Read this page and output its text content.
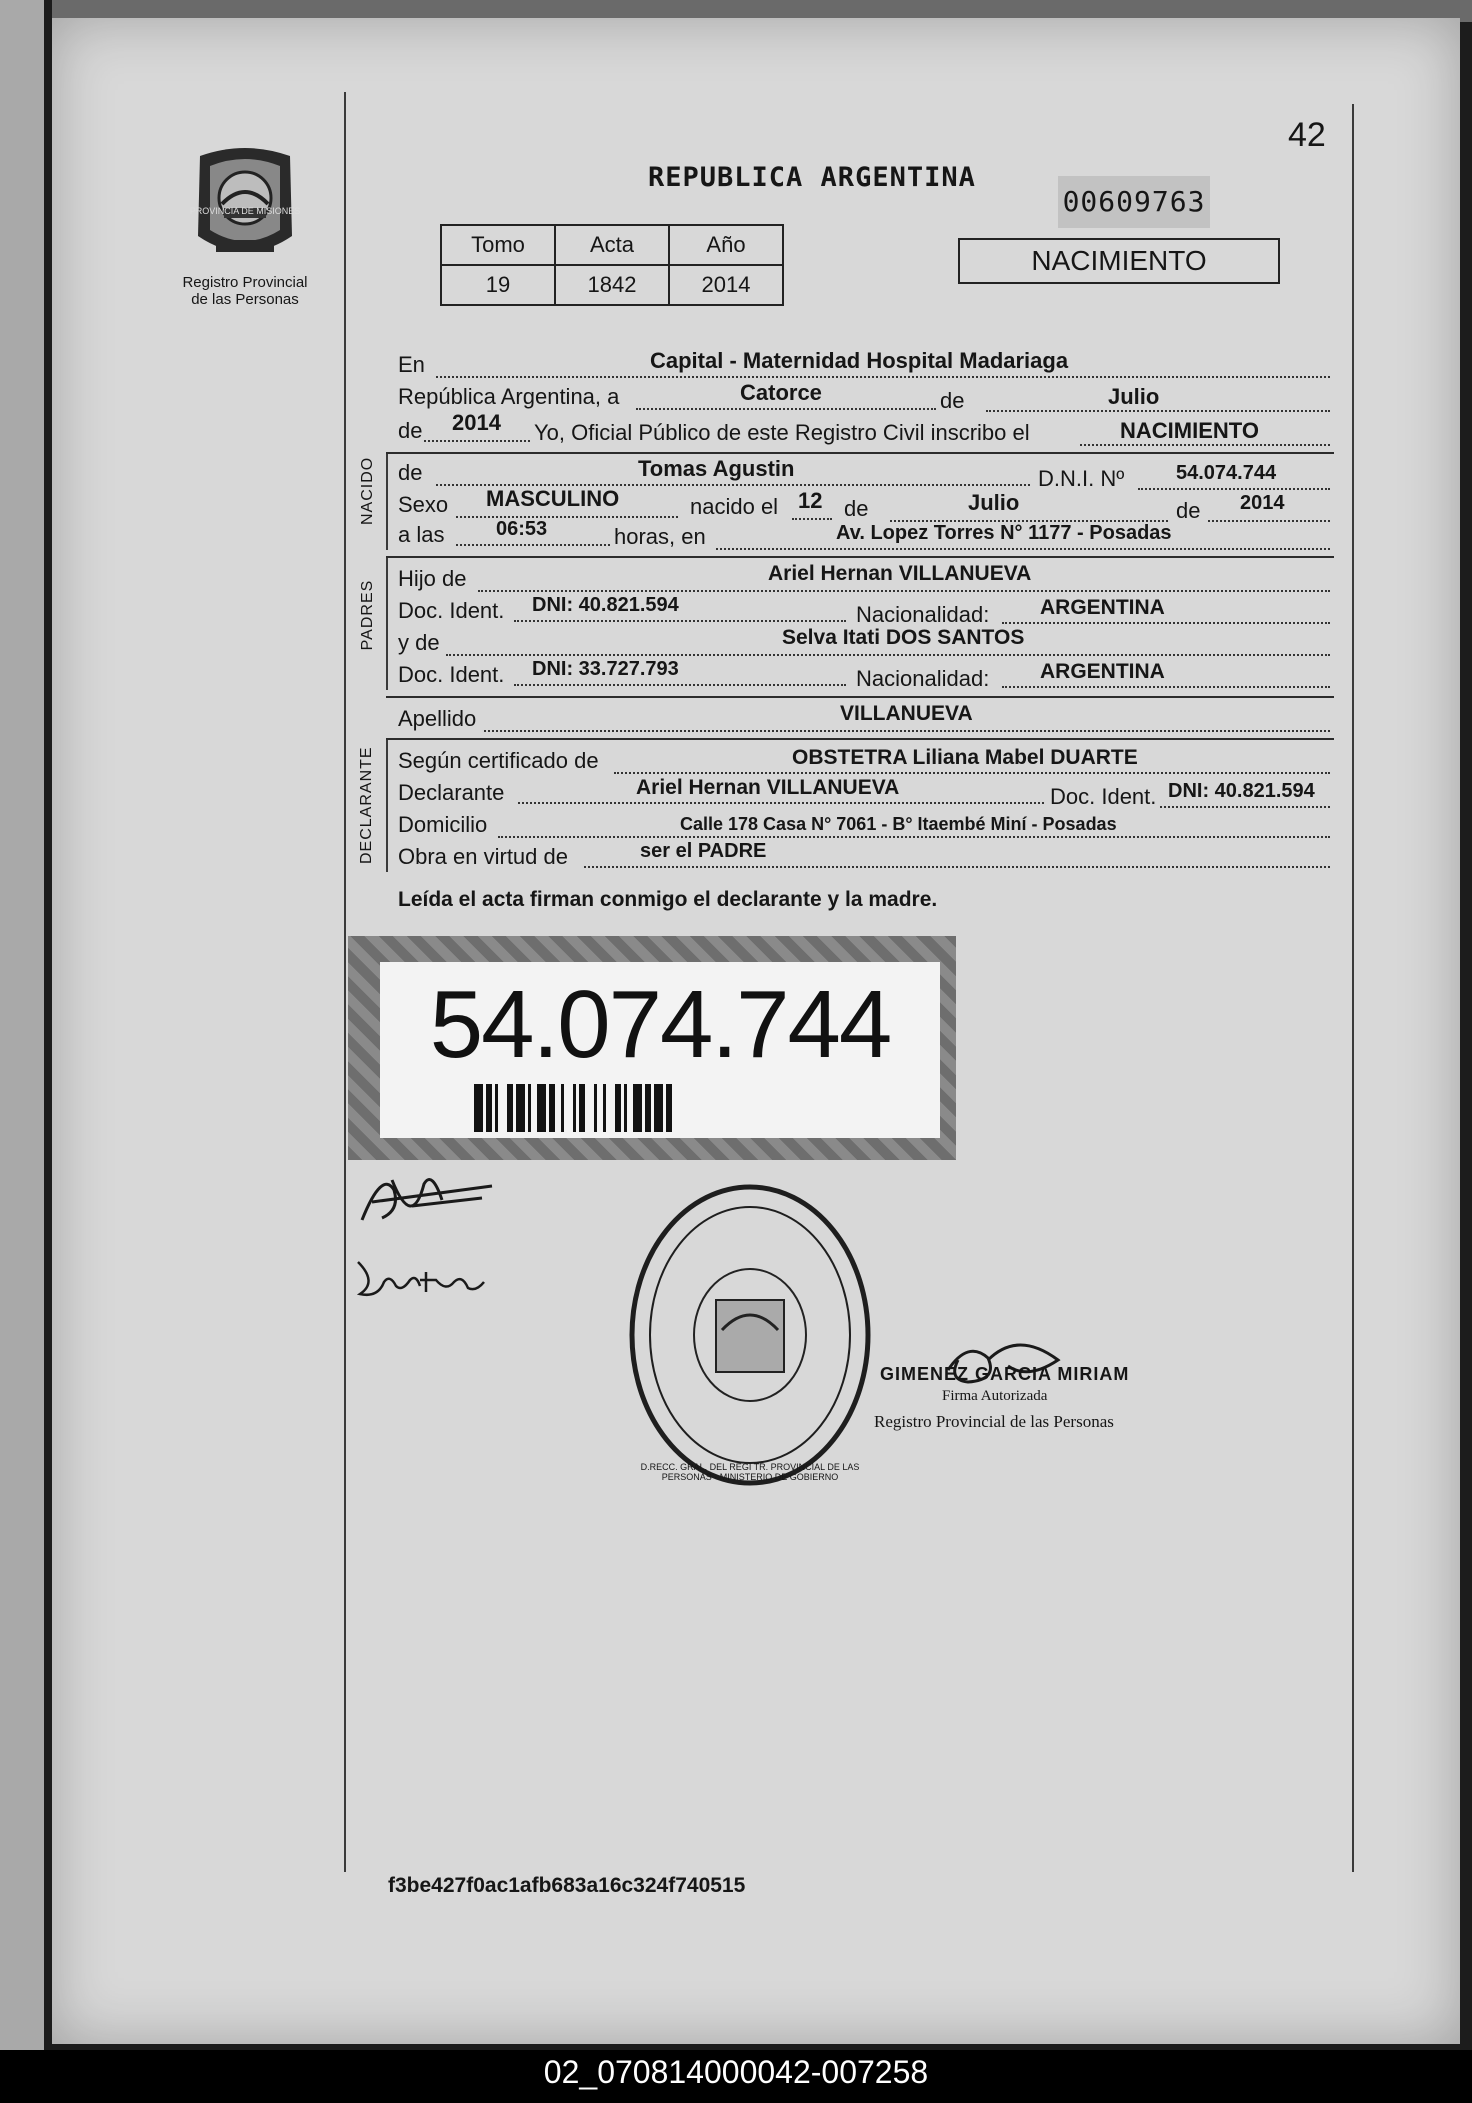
42
PROVINCIA DE MISIONES
Registro Provincial
de las Personas
REPUBLICA ARGENTINA
00609763
NACIMIENTO
Tomo	Acta	Año
19	1842	2014
En	Capital - Maternidad Hospital Madariaga
República Argentina, a	Catorce	de	Julio
de 2014 Yo, Oficial Público de este Registro Civil inscribo el	NACIMIENTO
NACIDO de	Tomas Agustin	D.N.I. Nº	54.074.744
Sexo MASCULINO	nacido el 12 de	Julio	de 2014
a las	06:53	horas, en	Av. Lopez Torres N° 1177 - Posadas
PADRES
Hijo de	Ariel Hernan VILLANUEVA
Doc. Ident. DNI: 40.821.594	Nacionalidad: ARGENTINA
y de	Selva Itati DOS SANTOS
Doc. Ident. DNI: 33.727.793	Nacionalidad: ARGENTINA
Apellido	VILLANUEVA
DECLARANTE Según certificado de	OBSTETRA Liliana Mabel DUARTE
Declarante	Ariel Hernan VILLANUEVA	Doc. Ident. DNI: 40.821.594
Domicilio	Calle 178 Casa N° 7061 - B° Itaembé Miní - Posadas
Obra en virtud de	ser el PADRE
Leída el acta firman conmigo el declarante y la madre.
54.074.744
D.RECC. GRAL. DEL REGI TR. PROVINCIAL DE LAS PERSONAS · MINISTERIO DE GOBIERNO
GIMENEZ GARCIA MIRIAM
Firma Autorizada
Registro Provincial de las Personas
f3be427f0ac1afb683a16c324f740515
02_070814000042-007258
